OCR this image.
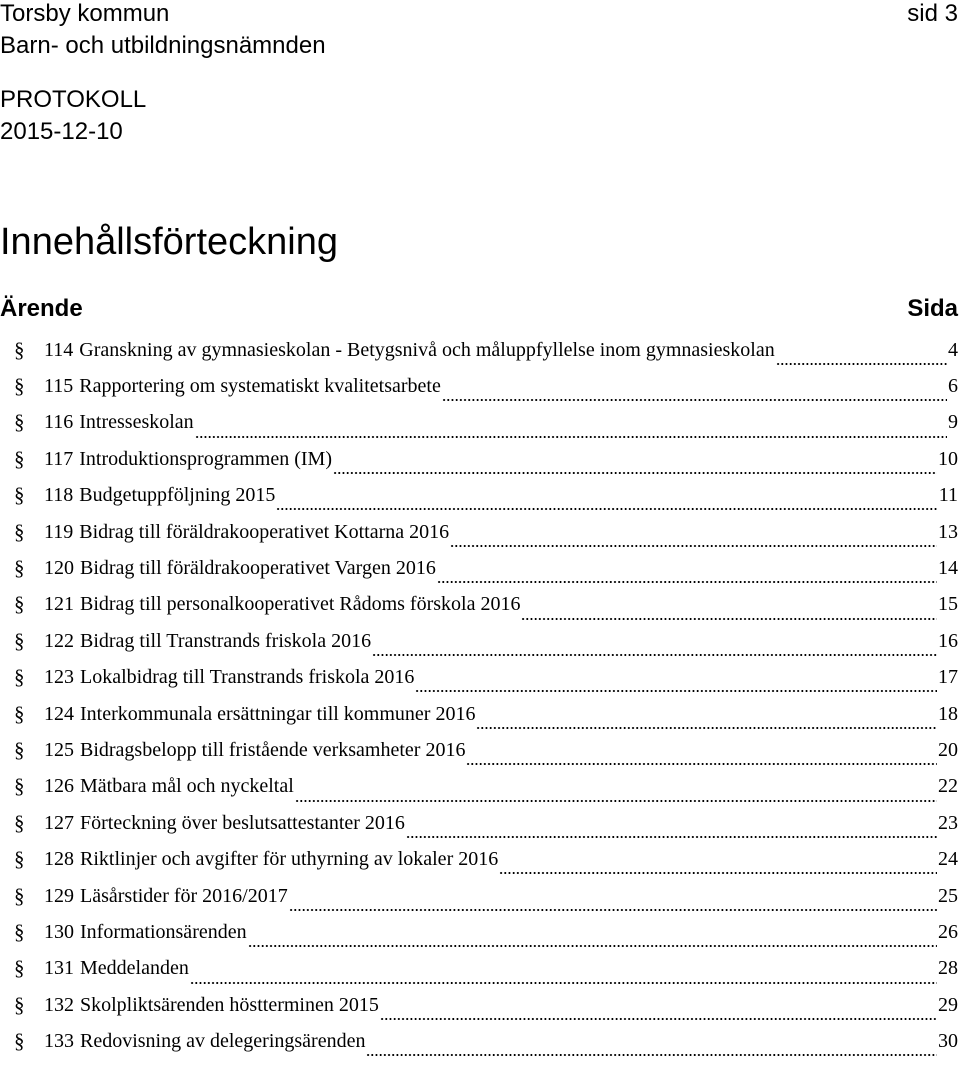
Torsby kommun	sid 3
Barn- och utbildningsnämnden
PROTOKOLL
2015-12-10
Innehållsförteckning
Ärende	Sida
§ 114 Granskning av gymnasieskolan - Betygsnivå och måluppfyllelse inom gymnasieskolan	4
§ 115 Rapportering om systematiskt kvalitetsarbete	6
§ 116 Intresseskolan	9
§ 117 Introduktionsprogrammen (IM)	10
§ 118 Budgetuppföljning 2015	11
§ 119 Bidrag till föräldrakooperativet Kottarna 2016	13
§ 120 Bidrag till föräldrakooperativet Vargen 2016	14
§ 121 Bidrag till personalkooperativet Rådoms förskola 2016	15
§ 122 Bidrag till Transtrands friskola 2016	16
§ 123 Lokalbidrag till Transtrands friskola 2016	17
§ 124 Interkommunala ersättningar till kommuner 2016	18
§ 125 Bidragsbelopp till fristående verksamheter 2016	20
§ 126 Mätbara mål och nyckeltal	22
§ 127 Förteckning över beslutsattestanter 2016	23
§ 128 Riktlinjer och avgifter för uthyrning av lokaler 2016	24
§ 129 Läsårstider för 2016/2017	25
§ 130 Informationsärenden	26
§ 131 Meddelanden	28
§ 132 Skolpliktsärenden höstterminen 2015	29
§ 133 Redovisning av delegeringsärenden	30
